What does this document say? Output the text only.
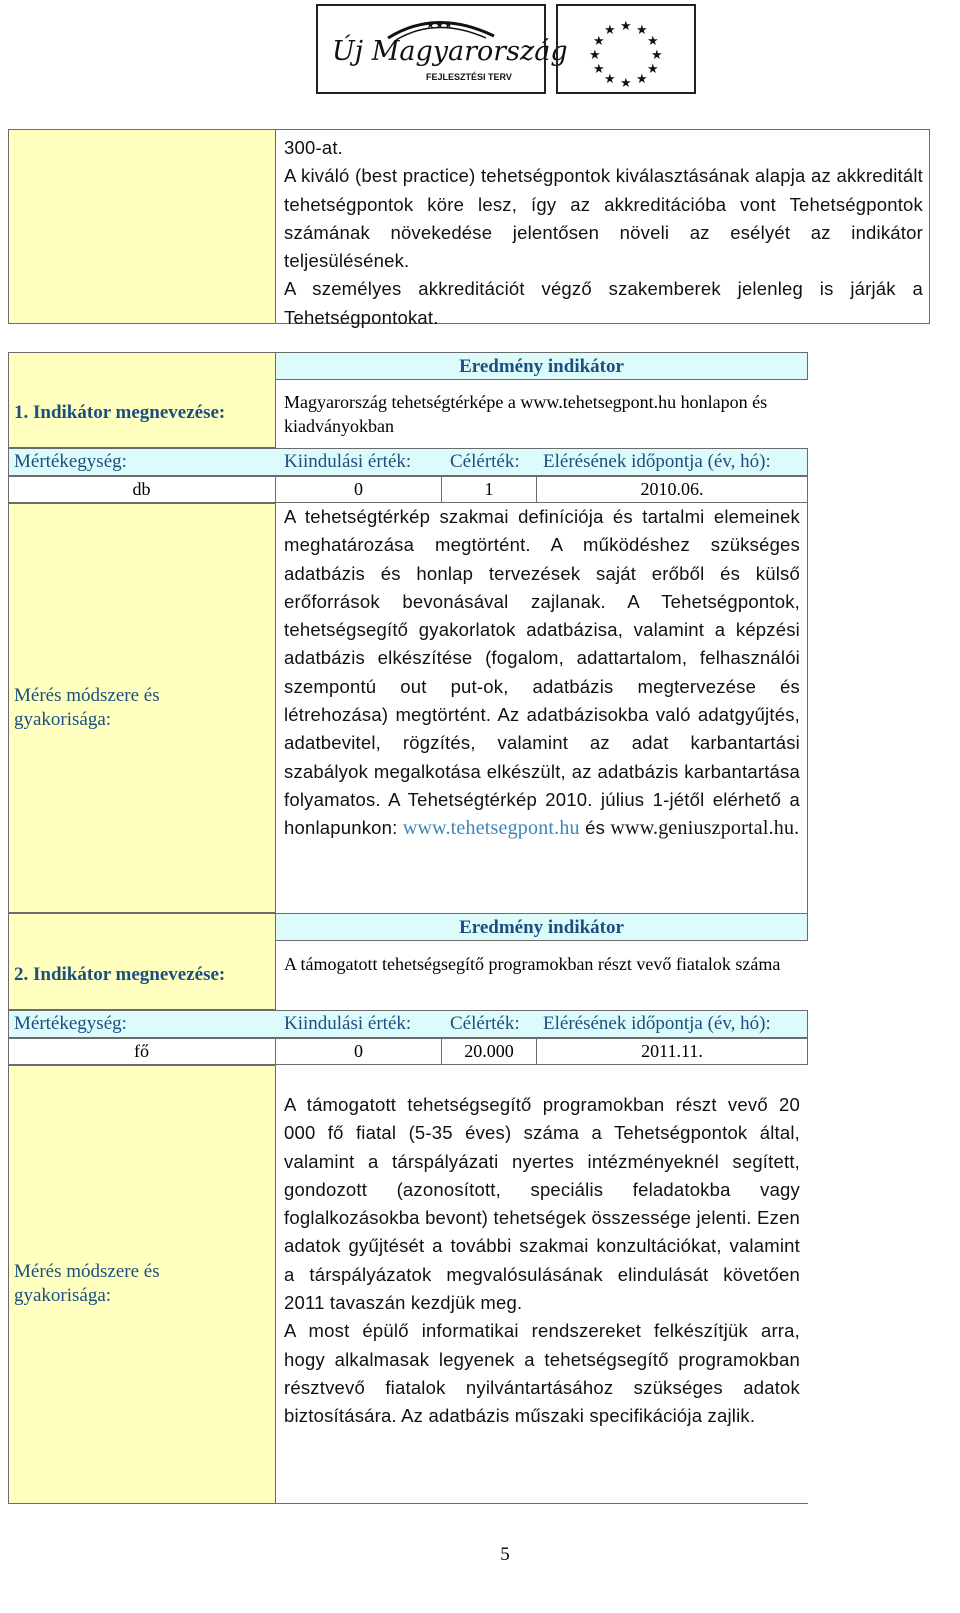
★★★
Új Magyarország
FEJLESZTÉSI TERV
★ ★
★
★
★
★
★
★
★
★
★
★

300-at.

A kiváló (best practice) tehetségpontok kiválasztásának alapja az akkreditált tehetségpontok köre lesz, így az akkreditációba vont Tehetségpontok számának növekedése jelentősen növeli az esélyét az indikátor teljesülésének.

A személyes akkreditációt végző szakemberek jelenleg is járják a Tehetségpontokat.

Eredmény indikátor
1. Indikátor megnevezése:	Magyarország tehetségtérképe a www.tehetsegpont.hu honlapon és kiadványokban
Mértékegység:	Kiindulási érték: Célérték: Elérésének időpontja (év, hó):
db	0	1	2010.06.
Mérés módszere és gyakorisága:
A tehetségtérkép szakmai definíciója és tartalmi elemeinek meghatározása megtörtént. A működéshez szükséges adatbázis és honlap tervezések saját erőből és külső erőforrások bevonásával zajlanak. A Tehetségpontok, tehetségsegítő gyakorlatok adatbázisa, valamint a képzési adatbázis elkészítése (fogalom, adattartalom, felhasználói szempontú out put-ok, adatbázis megtervezése és létrehozása) megtörtént. Az adatbázisokba való adatgyűjtés, adatbevitel, rögzítés, valamint az adat karbantartási szabályok megalkotása elkészült, az adatbázis karbantartása folyamatos. A Tehetségtérkép 2010. július 1-jétől elérhető a honlapunkon: www.tehetsegpont.hu és www.geniuszportal.hu.
Eredmény indikátor
2. Indikátor megnevezése:	A támogatott tehetségsegítő programokban részt vevő fiatalok száma
Mértékegység:	Kiindulási érték: Célérték: Elérésének időpontja (év, hó):
fő	0	20.000	2011.11.
Mérés módszere és gyakorisága:

A támogatott tehetségsegítő programokban részt vevő 20 000 fő fiatal (5-35 éves) száma a Tehetségpontok által, valamint a társpályázati nyertes intézményeknél segített, gondozott (azonosított, speciális feladatokba vagy foglalkozásokba bevont) tehetségek összessége jelenti. Ezen adatok gyűjtését a további szakmai konzultációkat, valamint a társpályázatok megvalósulásának elindulását követően 2011 tavaszán kezdjük meg.

A most épülő informatikai rendszereket felkészítjük arra, hogy alkalmasak legyenek a tehetségsegítő programokban résztvevő fiatalok nyilvántartásához szükséges adatok biztosítására. Az adatbázis műszaki specifikációja zajlik.

5
